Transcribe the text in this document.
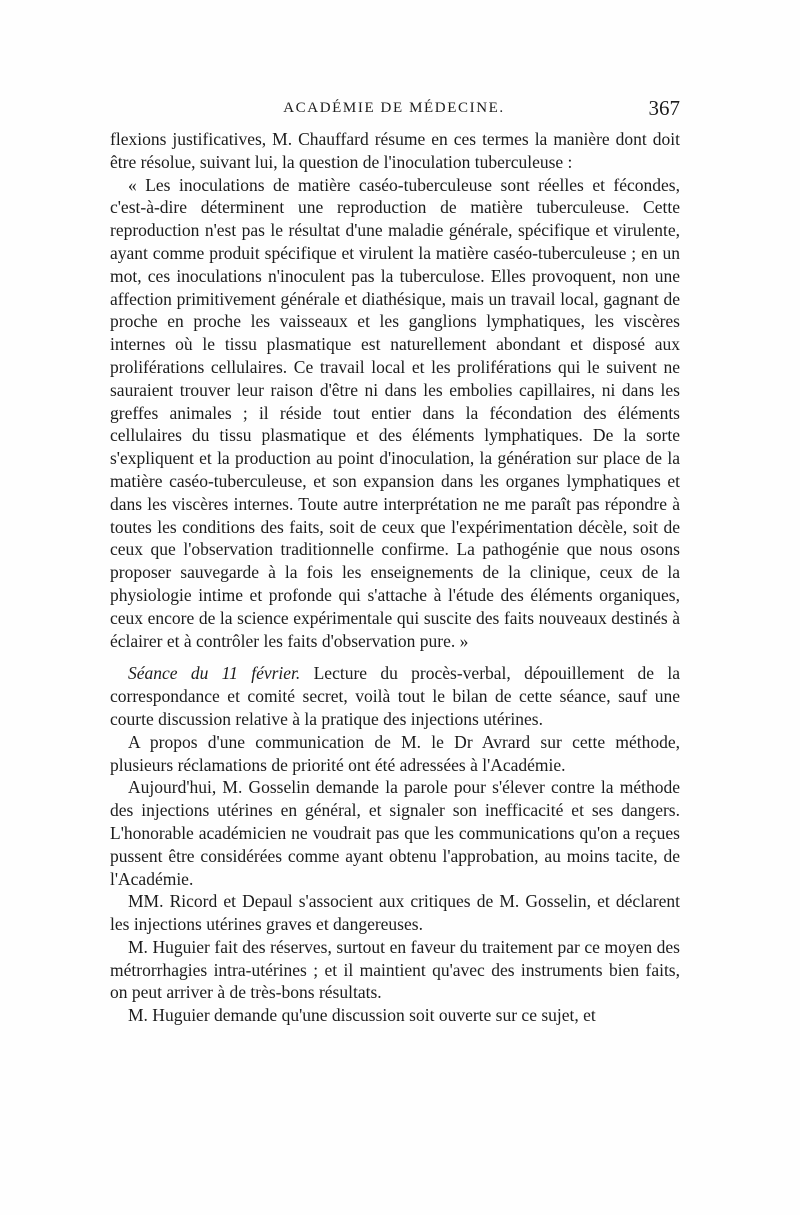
ACADÉMIE DE MÉDECINE.	367

flexions justificatives, M. Chauffard résume en ces termes la manière dont doit être résolue, suivant lui, la question de l'inoculation tuberculeuse :

« Les inoculations de matière caséo-tuberculeuse sont réelles et fécondes, c'est-à-dire déterminent une reproduction de matière tuberculeuse. Cette reproduction n'est pas le résultat d'une maladie générale, spécifique et virulente, ayant comme produit spécifique et virulent la matière caséo-tuberculeuse ; en un mot, ces inoculations n'inoculent pas la tuberculose. Elles provoquent, non une affection primitivement générale et diathésique, mais un travail local, gagnant de proche en proche les vaisseaux et les ganglions lymphatiques, les viscères internes où le tissu plasmatique est naturellement abondant et disposé aux proliférations cellulaires. Ce travail local et les proliférations qui le suivent ne sauraient trouver leur raison d'être ni dans les embolies capillaires, ni dans les greffes animales ; il réside tout entier dans la fécondation des éléments cellulaires du tissu plasmatique et des éléments lymphatiques. De la sorte s'expliquent et la production au point d'inoculation, la génération sur place de la matière caséo-tuberculeuse, et son expansion dans les organes lymphatiques et dans les viscères internes. Toute autre interprétation ne me paraît pas répondre à toutes les conditions des faits, soit de ceux que l'expérimentation décèle, soit de ceux que l'observation traditionnelle confirme. La pathogénie que nous osons proposer sauvegarde à la fois les enseignements de la clinique, ceux de la physiologie intime et profonde qui s'attache à l'étude des éléments organiques, ceux encore de la science expérimentale qui suscite des faits nouveaux destinés à éclairer et à contrôler les faits d'observation pure. »

Séance du 11 février. Lecture du procès-verbal, dépouillement de la correspondance et comité secret, voilà tout le bilan de cette séance, sauf une courte discussion relative à la pratique des injections utérines.

A propos d'une communication de M. le Dr Avrard sur cette méthode, plusieurs réclamations de priorité ont été adressées à l'Académie.

Aujourd'hui, M. Gosselin demande la parole pour s'élever contre la méthode des injections utérines en général, et signaler son inefficacité et ses dangers. L'honorable académicien ne voudrait pas que les communications qu'on a reçues pussent être considérées comme ayant obtenu l'approbation, au moins tacite, de l'Académie.

MM. Ricord et Depaul s'associent aux critiques de M. Gosselin, et déclarent les injections utérines graves et dangereuses.

M. Huguier fait des réserves, surtout en faveur du traitement par ce moyen des métrorrhagies intra-utérines ; et il maintient qu'avec des instruments bien faits, on peut arriver à de très-bons résultats.

M. Huguier demande qu'une discussion soit ouverte sur ce sujet, et
